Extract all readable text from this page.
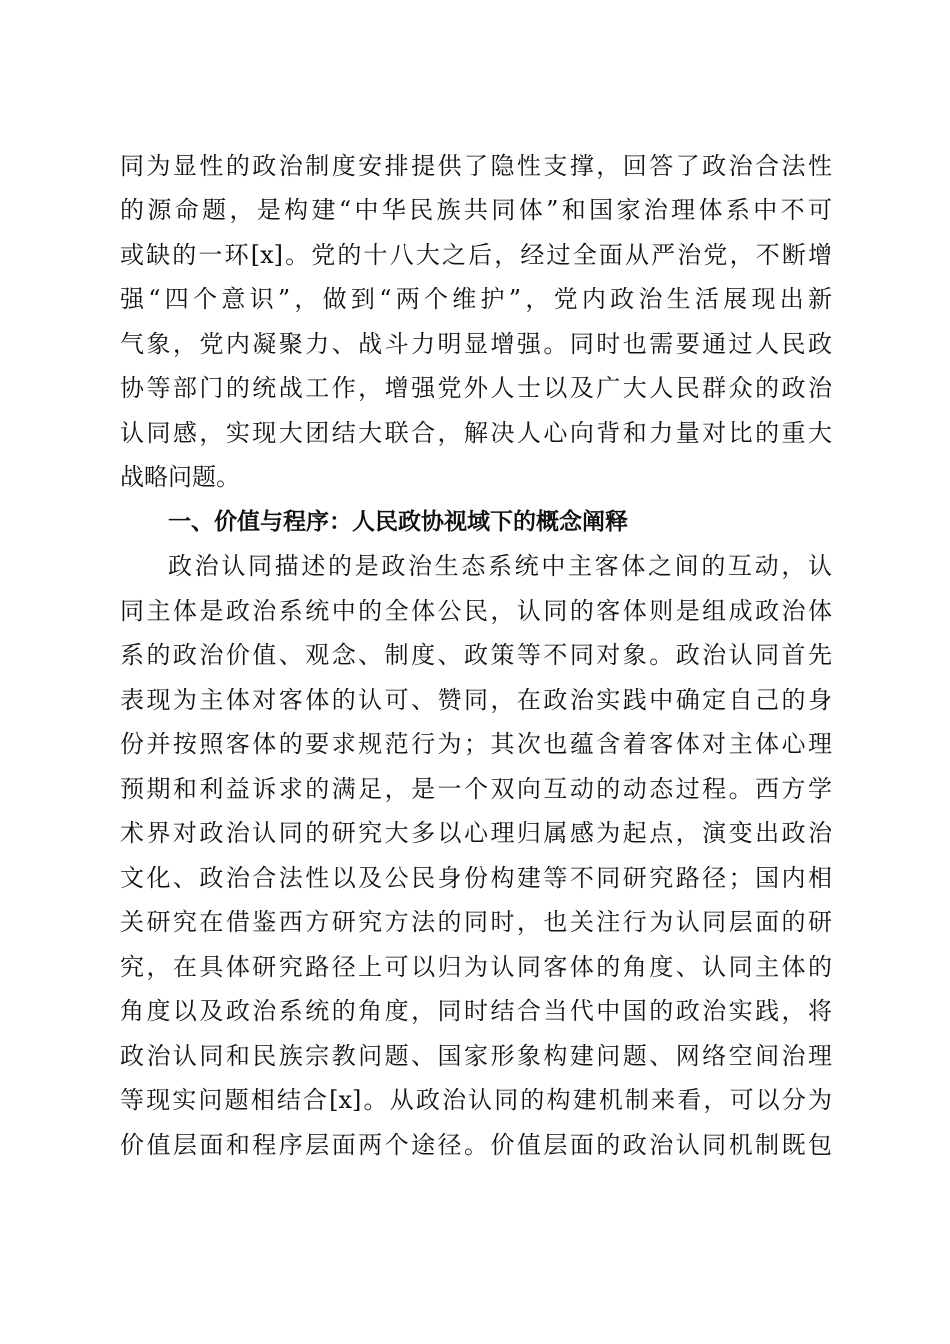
同为显性的政治制度安排提供了隐性支撑，回答了政治合法性
的源命题，是构建“中华民族共同体”和国家治理体系中不可
或缺的一环[x]。党的十八大之后，经过全面从严治党，不断增
强“四个意识”，做到“两个维护”，党内政治生活展现出新
气象，党内凝聚力、战斗力明显增强。同时也需要通过人民政
协等部门的统战工作，增强党外人士以及广大人民群众的政治
认同感，实现大团结大联合，解决人心向背和力量对比的重大
战略问题。
一、价值与程序：人民政协视域下的概念阐释
政治认同描述的是政治生态系统中主客体之间的互动，认
同主体是政治系统中的全体公民，认同的客体则是组成政治体
系的政治价值、观念、制度、政策等不同对象。政治认同首先
表现为主体对客体的认可、赞同，在政治实践中确定自己的身
份并按照客体的要求规范行为；其次也蕴含着客体对主体心理
预期和利益诉求的满足，是一个双向互动的动态过程。西方学
术界对政治认同的研究大多以心理归属感为起点，演变出政治
文化、政治合法性以及公民身份构建等不同研究路径；国内相
关研究在借鉴西方研究方法的同时，也关注行为认同层面的研
究，在具体研究路径上可以归为认同客体的角度、认同主体的
角度以及政治系统的角度，同时结合当代中国的政治实践，将
政治认同和民族宗教问题、国家形象构建问题、网络空间治理
等现实问题相结合[x]。从政治认同的构建机制来看，可以分为
价值层面和程序层面两个途径。价值层面的政治认同机制既包
